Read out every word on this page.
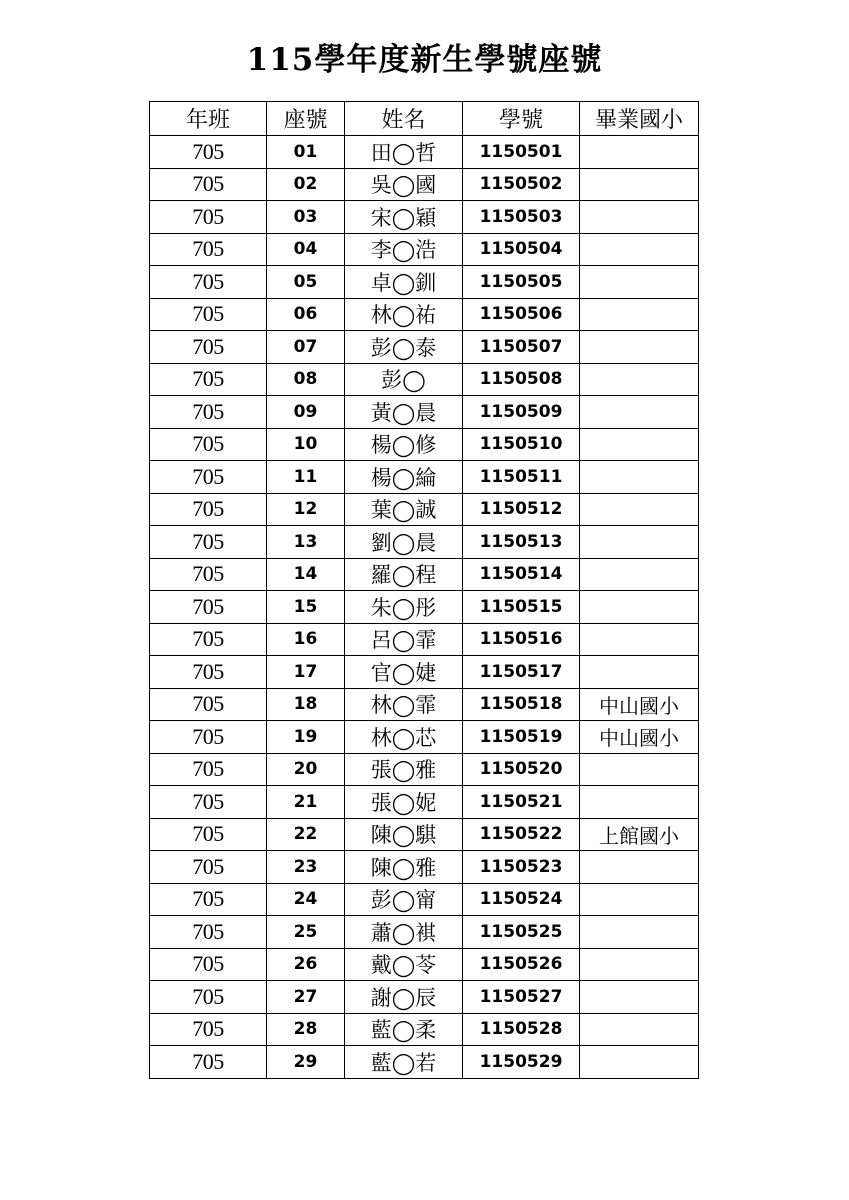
115學年度新生學號座號
年班	座號	姓名	學號	畢業國小
705	01	田◯哲	1150501	
705	02	吳◯國	1150502	
705	03	宋◯穎	1150503	
705	04	李◯浩	1150504	
705	05	卓◯釧	1150505	
705	06	林◯祐	1150506	
705	07	彭◯泰	1150507	
705	08	彭◯	1150508	
705	09	黃◯晨	1150509	
705	10	楊◯修	1150510	
705	11	楊◯綸	1150511	
705	12	葉◯誠	1150512	
705	13	劉◯晨	1150513	
705	14	羅◯程	1150514	
705	15	朱◯彤	1150515	
705	16	呂◯霏	1150516	
705	17	官◯婕	1150517	
705	18	林◯霏	1150518	中山國小
705	19	林◯芯	1150519	中山國小
705	20	張◯雅	1150520	
705	21	張◯妮	1150521	
705	22	陳◯騏	1150522	上館國小
705	23	陳◯雅	1150523	
705	24	彭◯甯	1150524	
705	25	蕭◯褀	1150525	
705	26	戴◯苓	1150526	
705	27	謝◯辰	1150527	
705	28	藍◯柔	1150528	
705	29	藍◯若	1150529	
